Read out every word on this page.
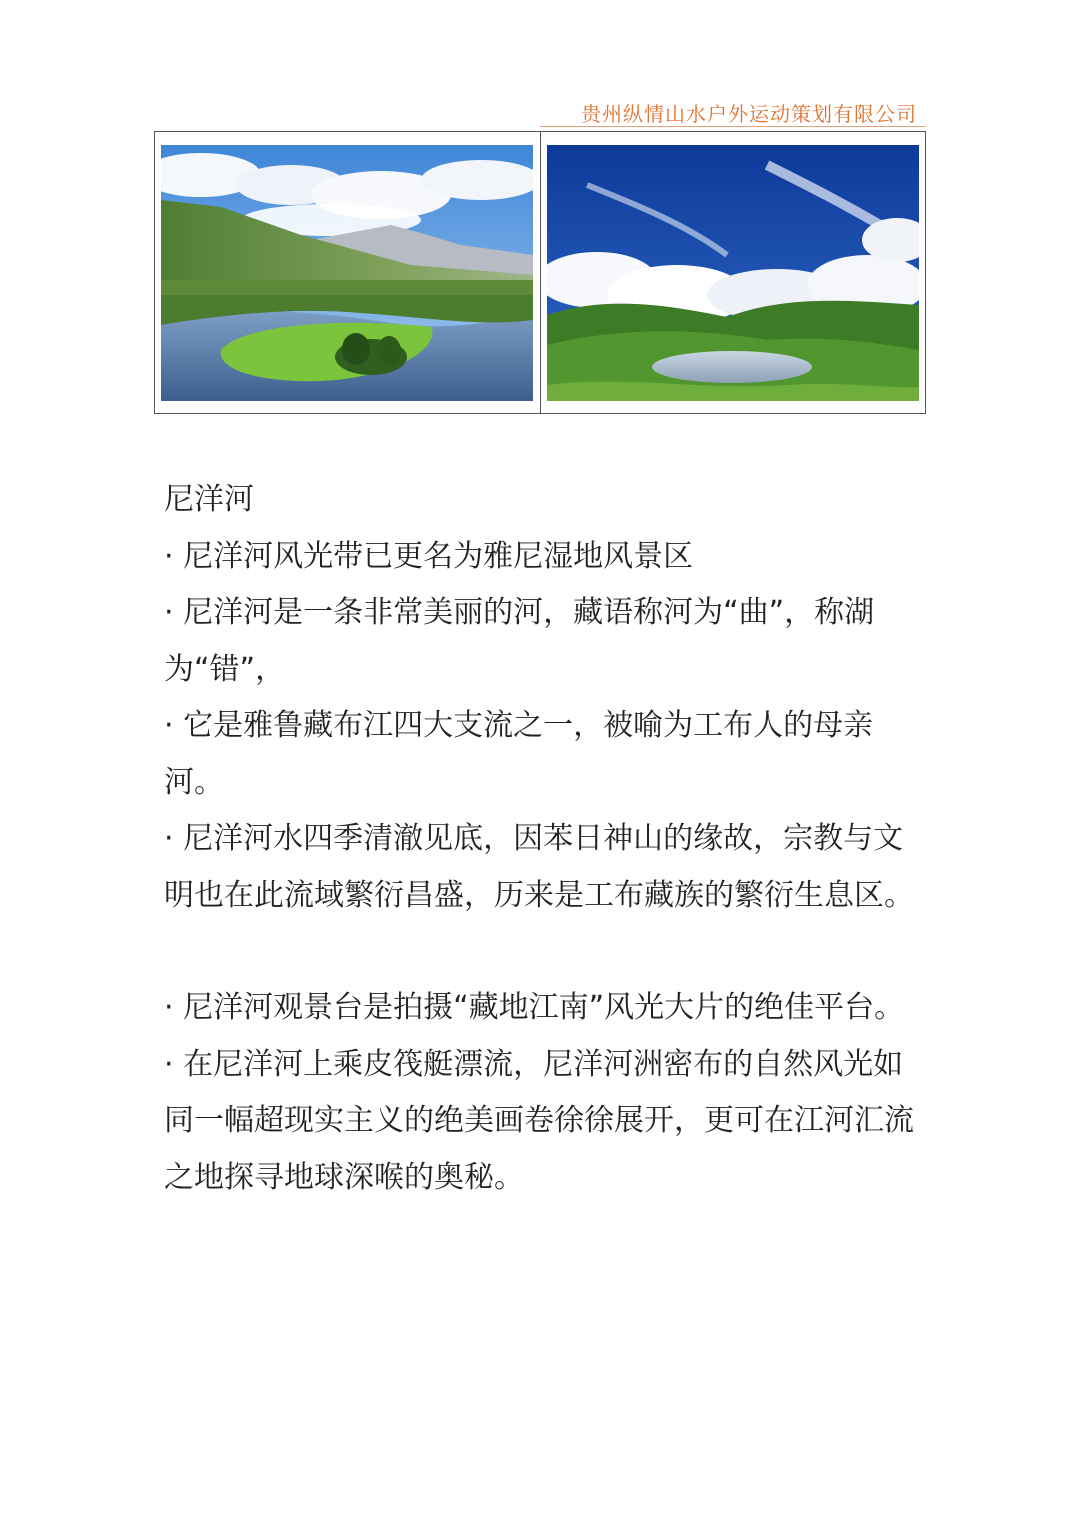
贵州纵情山水户外运动策划有限公司

尼洋河

· 尼洋河风光带已更名为雅尼湿地风景区

· 尼洋河是一条非常美丽的河，藏语称河为“曲”，称湖为“错”，

· 它是雅鲁藏布江四大支流之一，被喻为工布人的母亲河。

· 尼洋河水四季清澈见底，因苯日神山的缘故，宗教与文明也在此流域繁衍昌盛，历来是工布藏族的繁衍生息区。

· 尼洋河观景台是拍摄“藏地江南”风光大片的绝佳平台。

· 在尼洋河上乘皮筏艇漂流，尼洋河洲密布的自然风光如同一幅超现实主义的绝美画卷徐徐展开，更可在江河汇流之地探寻地球深喉的奥秘。
